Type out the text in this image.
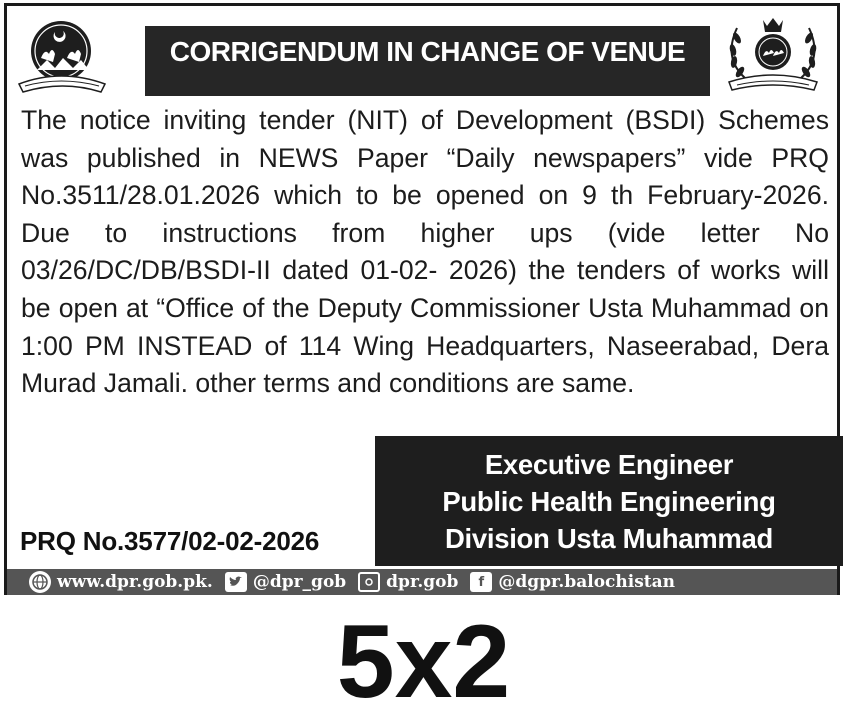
CORRIGENDUM IN CHANGE OF VENUE

The notice inviting tender (NIT) of Development (BSDI) Schemes was published in NEWS Paper “Daily newspapers” vide PRQ No.3511/28.01.2026 which to be opened on 9 th February-2026. Due to instructions from higher ups (vide letter No 03/26/DC/DB/BSDI-II dated 01-02- 2026) the tenders of works will be open at “Office of the Deputy Commissioner Usta Muhammad on 1:00 PM INSTEAD of 114 Wing Headquarters, Naseerabad, Dera Murad Jamali. other terms and conditions are same.

Executive Engineer
Public Health Engineering
Division Usta Muhammad
PRQ No.3577/02-02-2026
www.dpr.gob.pk. @dpr_gob dpr.gob	f @dgpr.balochistan
5x2
